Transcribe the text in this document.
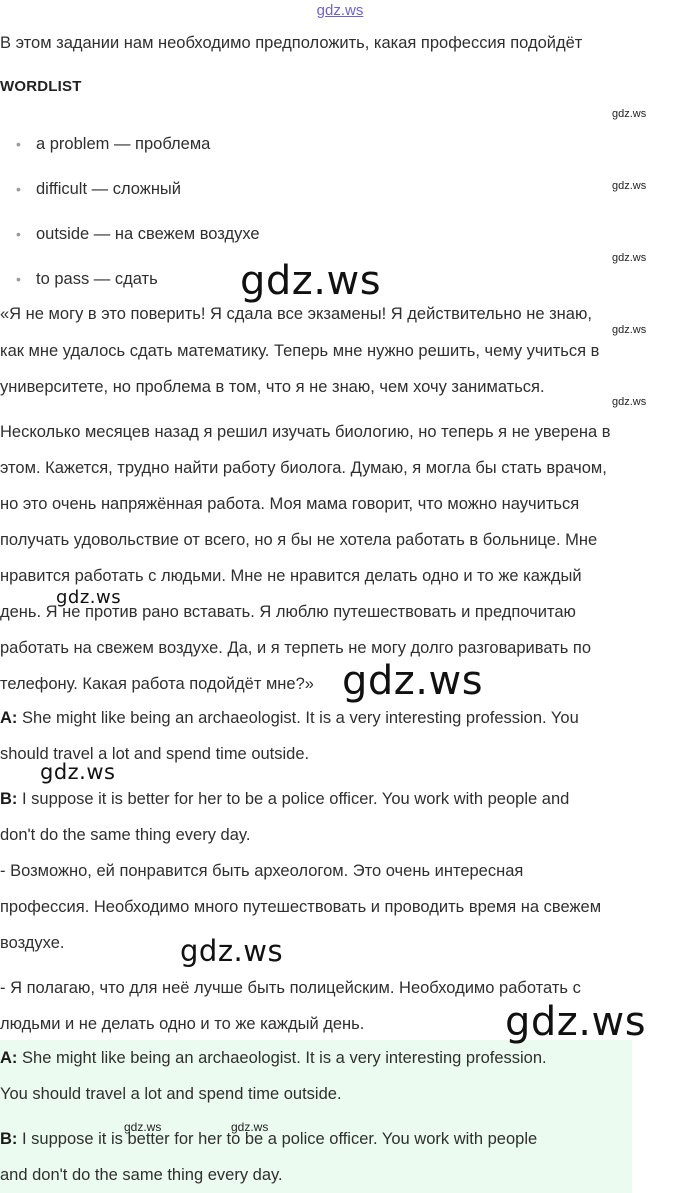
gdz.ws
В этом задании нам необходимо предположить, какая профессия подойдёт
WORDLIST
• a problem — проблема
• difficult — сложный
• outside — на свежем воздухе
• to pass — сдать
«Я не могу в это поверить! Я сдала все экзамены! Я действительно не знаю,
как мне удалось сдать математику. Теперь мне нужно решить, чему учиться в
университете, но проблема в том, что я не знаю, чем хочу заниматься.
Несколько месяцев назад я решил изучать биологию, но теперь я не уверена в
этом. Кажется, трудно найти работу биолога. Думаю, я могла бы стать врачом,
но это очень напряжённая работа. Моя мама говорит, что можно научиться
получать удовольствие от всего, но я бы не хотела работать в больнице. Мне
нравится работать с людьми. Мне не нравится делать одно и то же каждый
день. Я не против рано вставать. Я люблю путешествовать и предпочитаю
работать на свежем воздухе. Да, и я терпеть не могу долго разговаривать по
телефону. Какая работа подойдёт мне?»
A: She might like being an archaeologist. It is a very interesting profession. You
should travel a lot and spend time outside.
B: I suppose it is better for her to be a police officer. You work with people and
don't do the same thing every day.
- Возможно, ей понравится быть археологом. Это очень интересная
профессия. Необходимо много путешествовать и проводить время на свежем
воздухе.
- Я полагаю, что для неё лучше быть полицейским. Необходимо работать с
людьми и не делать одно и то же каждый день.
A: She might like being an archaeologist. It is a very interesting profession.
You should travel a lot and spend time outside.
B: I suppose it is better for her to be a police officer. You work with people
and don't do the same thing every day.
gdz.ws
gdz.ws
gdz.ws
gdz.ws
gdz.ws
gdz.ws
gdz.ws
gdz.ws
gdz.ws
gdz.ws
gdz.ws
gdz.ws	gdz.ws
